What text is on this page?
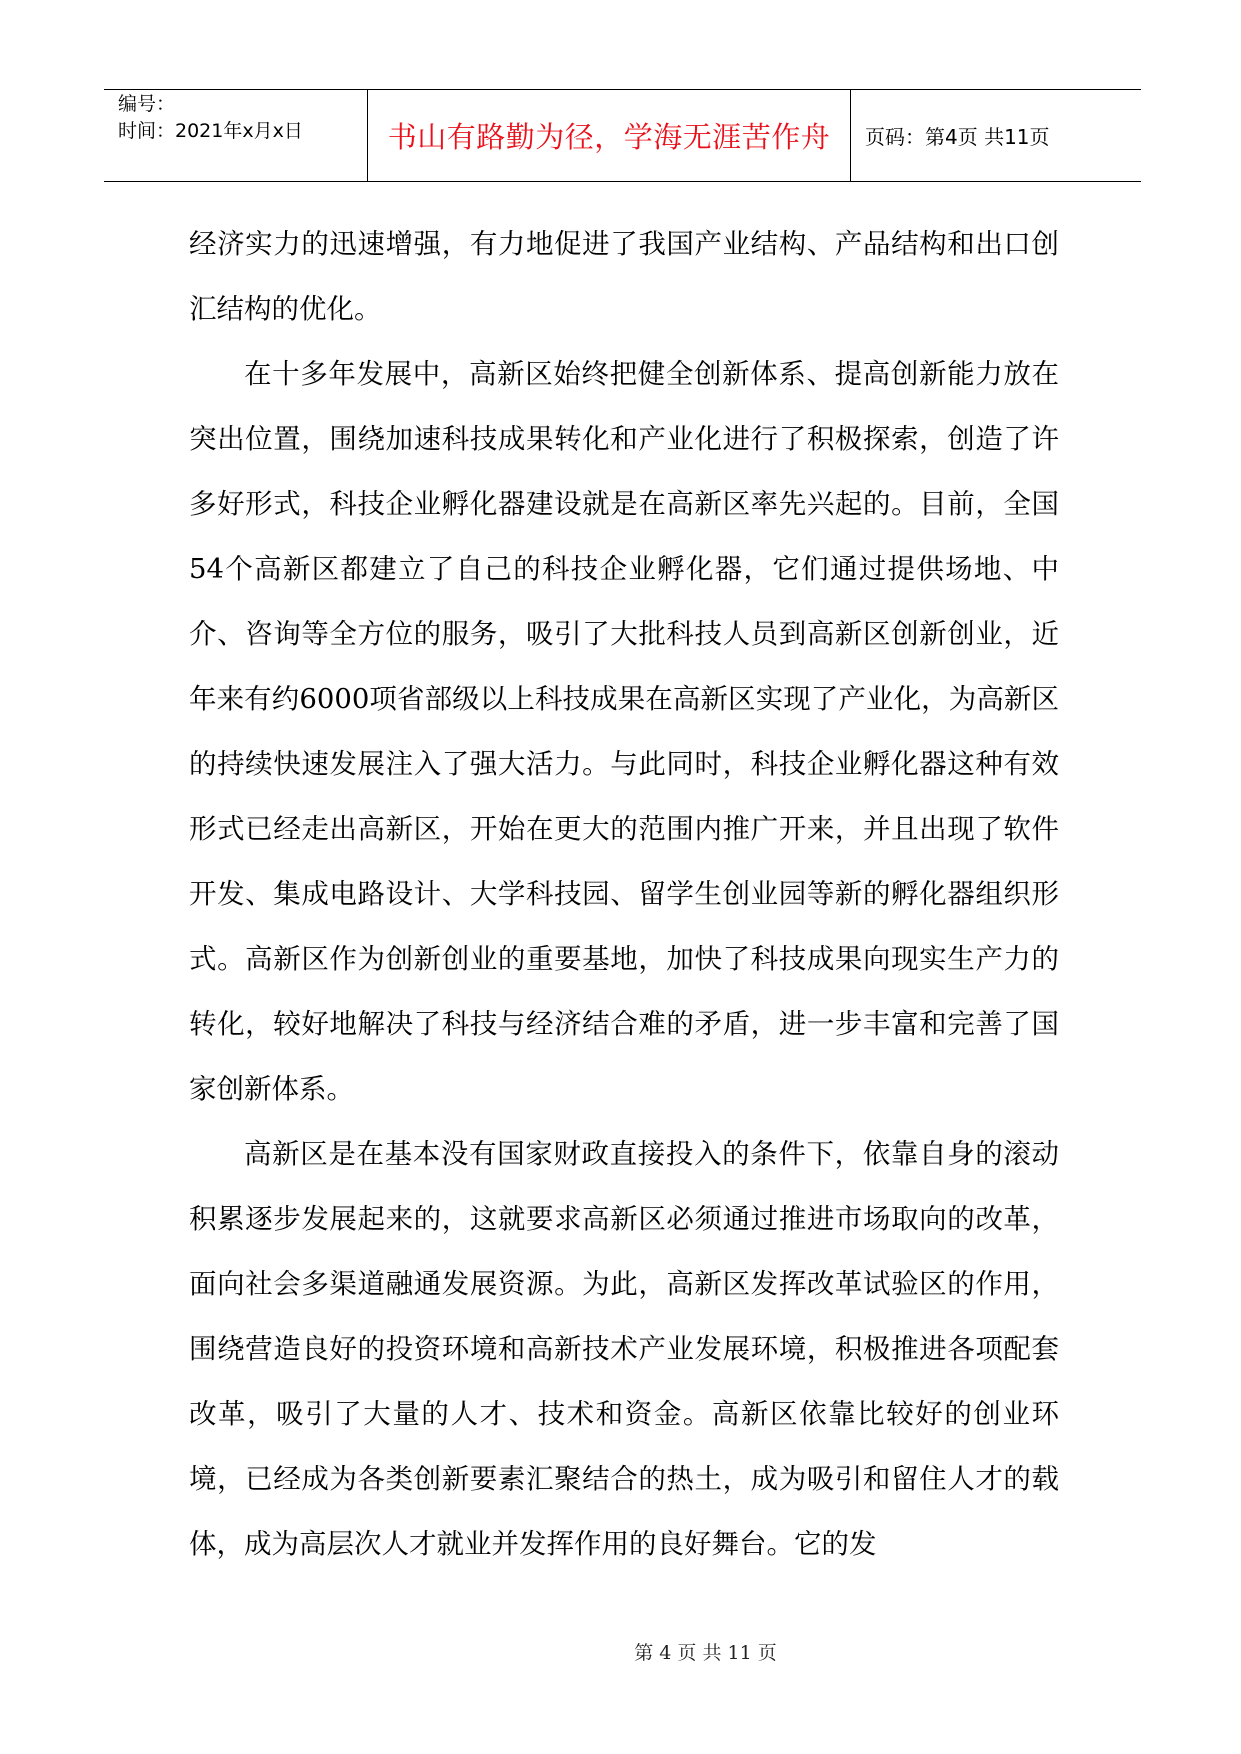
编号：
时间：2021年x月x日	书山有路勤为径，学海无涯苦作舟	页码：第4页 共11页

经济实力的迅速增强，有力地促进了我国产业结构、产品结构和出口创汇结构的优化。

在十多年发展中，高新区始终把健全创新体系、提高创新能力放在突出位置，围绕加速科技成果转化和产业化进行了积极探索，创造了许多好形式，科技企业孵化器建设就是在高新区率先兴起的。目前，全国54个高新区都建立了自己的科技企业孵化器，它们通过提供场地、中介、咨询等全方位的服务，吸引了大批科技人员到高新区创新创业，近年来有约6000项省部级以上科技成果在高新区实现了产业化，为高新区的持续快速发展注入了强大活力。与此同时，科技企业孵化器这种有效形式已经走出高新区，开始在更大的范围内推广开来，并且出现了软件开发、集成电路设计、大学科技园、留学生创业园等新的孵化器组织形式。高新区作为创新创业的重要基地，加快了科技成果向现实生产力的转化，较好地解决了科技与经济结合难的矛盾，进一步丰富和完善了国家创新体系。

高新区是在基本没有国家财政直接投入的条件下，依靠自身的滚动积累逐步发展起来的，这就要求高新区必须通过推进市场取向的改革，面向社会多渠道融通发展资源。为此，高新区发挥改革试验区的作用，围绕营造良好的投资环境和高新技术产业发展环境，积极推进各项配套改革，吸引了大量的人才、技术和资金。高新区依靠比较好的创业环境，已经成为各类创新要素汇聚结合的热土，成为吸引和留住人才的载体，成为高层次人才就业并发挥作用的良好舞台。它的发

第 4 页 共 11 页
